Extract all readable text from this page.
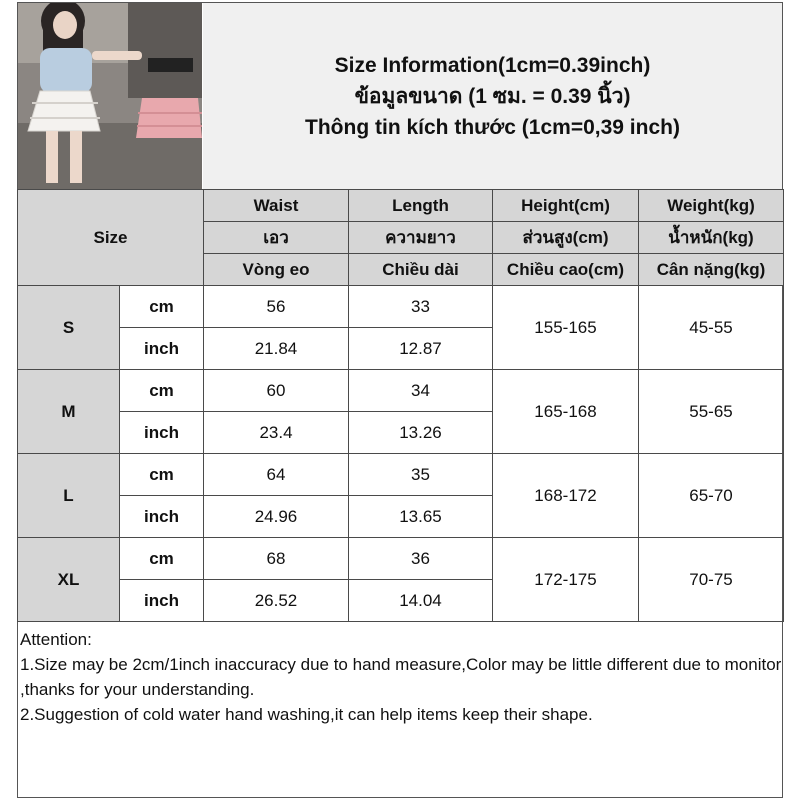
Size Information(1cm=0.39inch)
ข้อมูลขนาด (1 ซม. = 0.39 นิ้ว)
Thông tin kích thước (1cm=0,39 inch)
Size		Waist	Length	Height(cm)	Weight(kg)
		เอว	ความยาว	ส่วนสูง(cm)	น้ำหนัก(kg)
		Vòng eo	Chiều dài	Chiều cao(cm)	Cân nặng(kg)
S	cm	56	33	155-165	45-55
	inch	21.84	12.87		
M	cm	60	34	165-168	55-65
	inch	23.4	13.26		
L	cm	64	35	168-172	65-70
	inch	24.96	13.65		
XL	cm	68	36	172-175	70-75
	inch	26.52	14.04		
Attention:
1.Size may be 2cm/1inch inaccuracy due to hand measure,Color may be little different due to monitor ,thanks for your understanding.
2.Suggestion of cold water hand washing,it can help items keep their shape.
